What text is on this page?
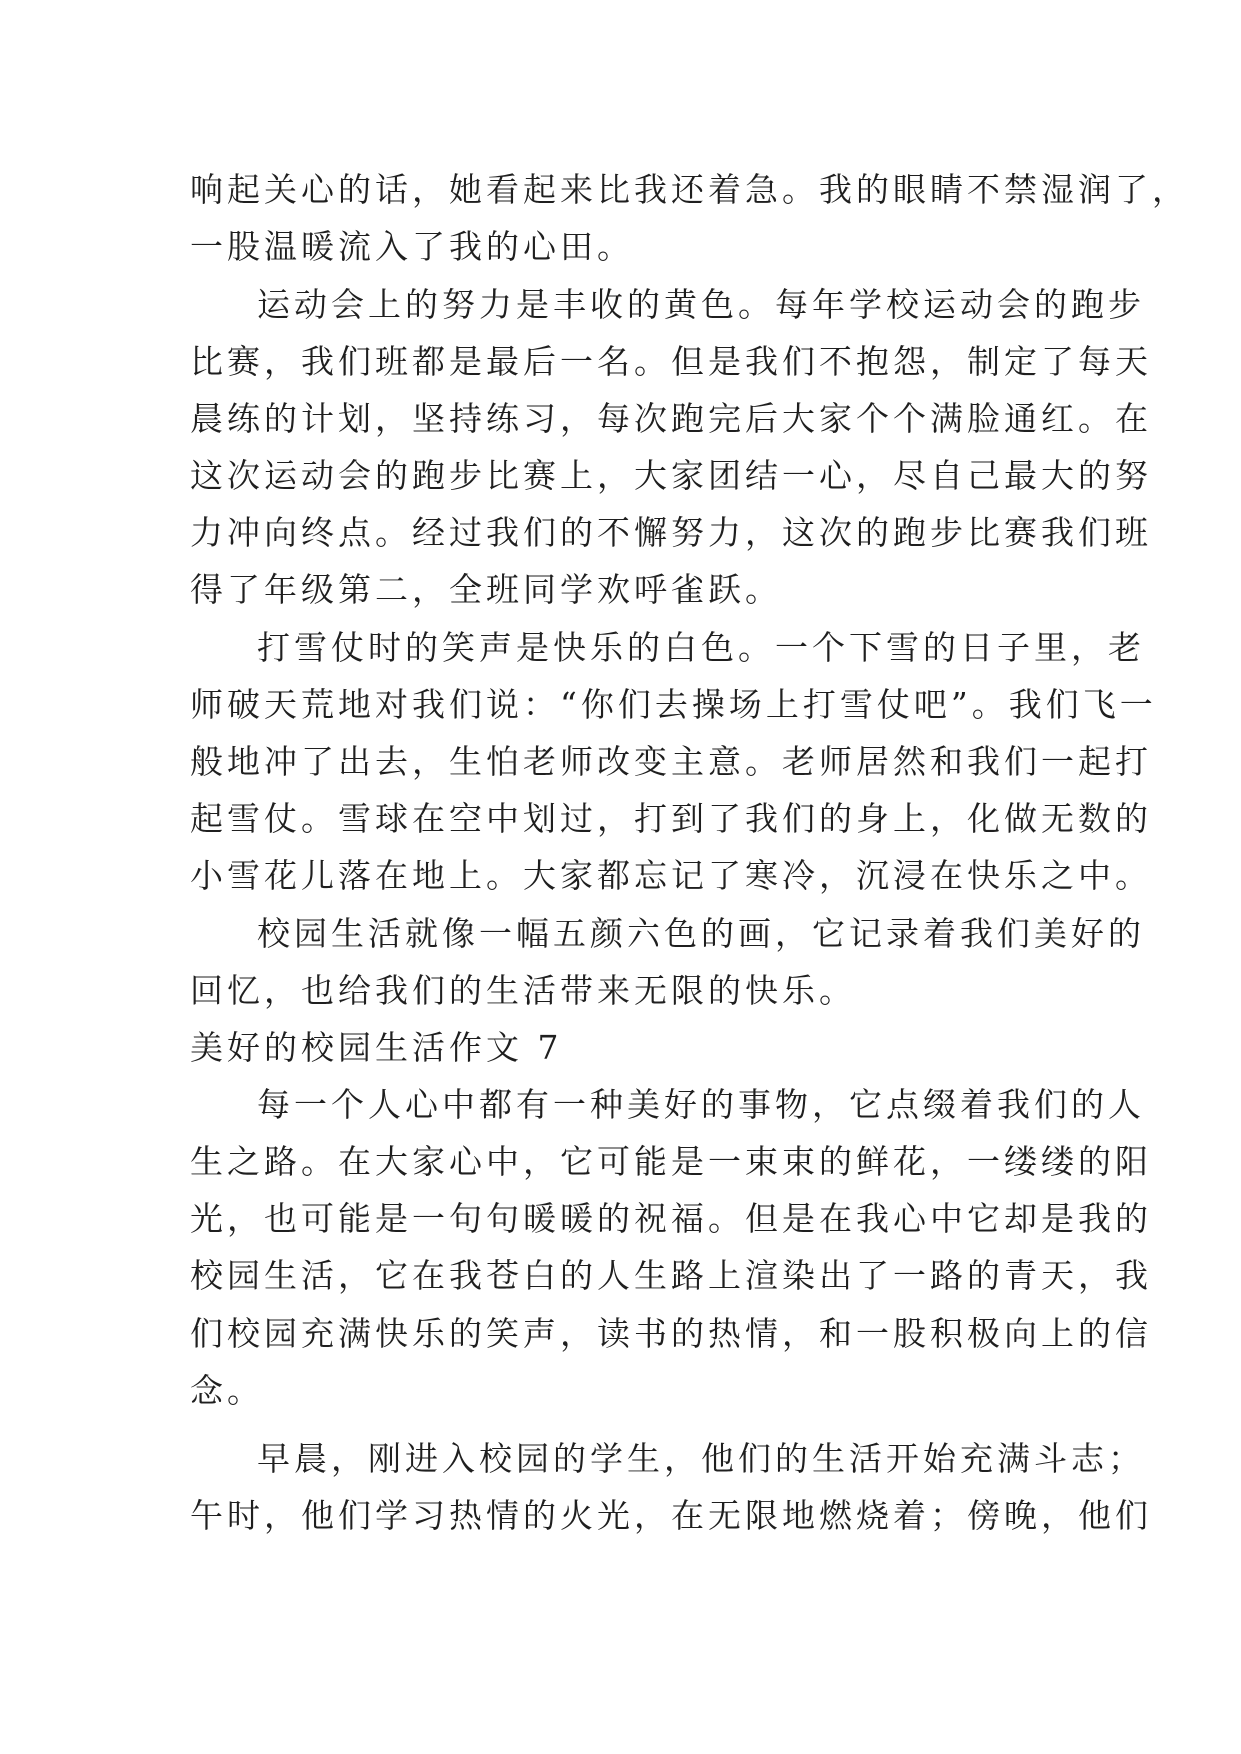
响起关心的话，她看起来比我还着急。我的眼睛不禁湿润了，
一股温暖流入了我的心田。
运动会上的努力是丰收的黄色。每年学校运动会的跑步
比赛，我们班都是最后一名。但是我们不抱怨，制定了每天
晨练的计划，坚持练习，每次跑完后大家个个满脸通红。在
这次运动会的跑步比赛上，大家团结一心，尽自己最大的努
力冲向终点。经过我们的不懈努力，这次的跑步比赛我们班
得了年级第二，全班同学欢呼雀跃。
打雪仗时的笑声是快乐的白色。一个下雪的日子里，老
师破天荒地对我们说：“你们去操场上打雪仗吧”。我们飞一
般地冲了出去，生怕老师改变主意。老师居然和我们一起打
起雪仗。雪球在空中划过，打到了我们的身上，化做无数的
小雪花儿落在地上。大家都忘记了寒冷，沉浸在快乐之中。
校园生活就像一幅五颜六色的画，它记录着我们美好的
回忆，也给我们的生活带来无限的快乐。
美好的校园生活作文 7
每一个人心中都有一种美好的事物，它点缀着我们的人
生之路。在大家心中，它可能是一束束的鲜花，一缕缕的阳
光，也可能是一句句暖暖的祝福。但是在我心中它却是我的
校园生活，它在我苍白的人生路上渲染出了一路的青天，我
们校园充满快乐的笑声，读书的热情，和一股积极向上的信
念。
早晨，刚进入校园的学生，他们的生活开始充满斗志；
午时，他们学习热情的火光，在无限地燃烧着；傍晚，他们
